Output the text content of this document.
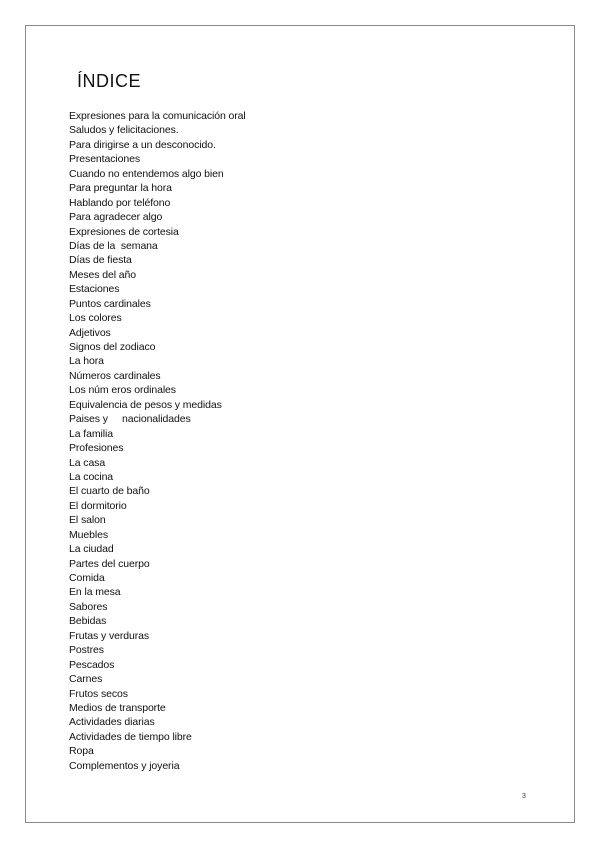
ÍNDICE
Expresiones para la comunicación oral
Saludos y felicitaciones.
Para dirigirse a un desconocido.
Presentaciones
Cuando no entendemos algo bien
Para preguntar la hora
Hablando por teléfono
Para agradecer algo
Expresiones de cortesia
Días de la  semana
Días de fiesta
Meses del año
Estaciones
Puntos cardinales
Los colores
Adjetivos
Signos del zodiaco
La hora
Números cardinales
Los núm eros ordinales
Equivalencia de pesos y medidas
Paises y     nacionalidades
La familia
Profesiones
La casa
La cocina
El cuarto de baño
El dormitorio
El salon
Muebles
La ciudad
Partes del cuerpo
Comida
En la mesa
Sabores
Bebidas
Frutas y verduras
Postres
Pescados
Carnes
Frutos secos
Medios de transporte
Actividades diarias
Actividades de tiempo libre
Ropa
Complementos y joyeria
3
